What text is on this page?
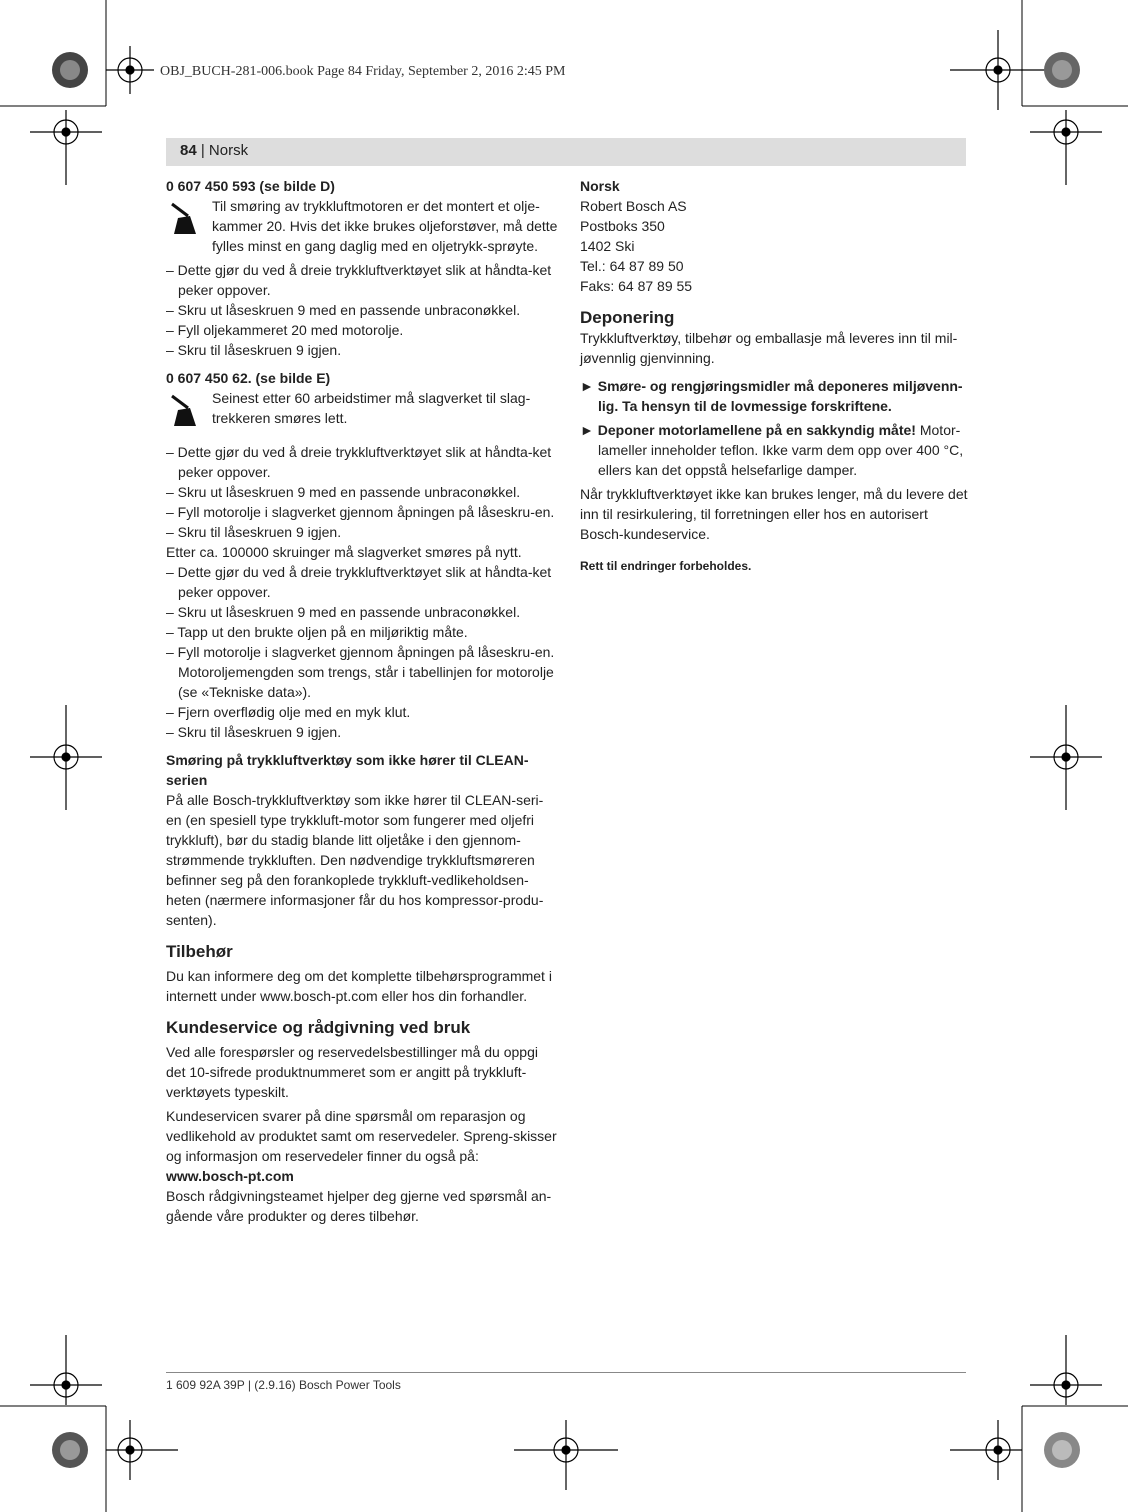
OBJ_BUCH-281-006.book Page 84 Friday, September 2, 2016 2:45 PM
84 | Norsk

0 607 450 593 (se bilde D)

Til smøring av trykkluftmotoren er det montert et olje-kammer 20. Hvis det ikke brukes oljeforstøver, må dette fylles minst en gang daglig med en oljetrykk-sprøyte.

– Dette gjør du ved å dreie trykkluftverktøyet slik at håndta-ket peker oppover.

– Skru ut låseskruen 9 med en passende unbraconøkkel.

– Fyll oljekammeret 20 med motorolje.

– Skru til låseskruen 9 igjen.

0 607 450 62. (se bilde E)

Seinest etter 60 arbeidstimer må slagverket til slag-trekkeren smøres lett.

– Dette gjør du ved å dreie trykkluftverktøyet slik at håndta-ket peker oppover.

– Skru ut låseskruen 9 med en passende unbraconøkkel.

– Fyll motorolje i slagverket gjennom åpningen på låseskru-en.

– Skru til låseskruen 9 igjen.

Etter ca. 100000 skruinger må slagverket smøres på nytt.

– Dette gjør du ved å dreie trykkluftverktøyet slik at håndta-ket peker oppover.

– Skru ut låseskruen 9 med en passende unbraconøkkel.

– Tapp ut den brukte oljen på en miljøriktig måte.

– Fyll motorolje i slagverket gjennom åpningen på låseskru-en. Motoroljemengden som trengs, står i tabellinjen for motorolje (se «Tekniske data»).

– Fjern overflødig olje med en myk klut.

– Skru til låseskruen 9 igjen.

Smøring på trykkluftverktøy som ikke hører til CLEAN-serien

På alle Bosch-trykkluftverktøy som ikke hører til CLEAN-seri-en (en spesiell type trykkluft-motor som fungerer med oljefri trykkluft), bør du stadig blande litt oljetåke i den gjennom-strømmende trykkluften. Den nødvendige trykkluftsmøreren befinner seg på den forankoplede trykkluft-vedlikeholdsen-heten (nærmere informasjoner får du hos kompressor-produ-senten).

Tilbehør

Du kan informere deg om det komplette tilbehørsprogrammet i internett under www.bosch-pt.com eller hos din forhandler.

Kundeservice og rådgivning ved bruk

Ved alle forespørsler og reservedelsbestillinger må du oppgi det 10-sifrede produktnummeret som er angitt på trykkluft-verktøyets typeskilt.

Kundeservicen svarer på dine spørsmål om reparasjon og vedlikehold av produktet samt om reservedeler. Spreng-skisser og informasjon om reservedeler finner du også på:

www.bosch-pt.com

Bosch rådgivningsteamet hjelper deg gjerne ved spørsmål an-gående våre produkter og deres tilbehør.

Norsk

Robert Bosch AS

Postboks 350

1402 Ski

Tel.: 64 87 89 50

Faks: 64 87 89 55

Deponering

Trykkluftverktøy, tilbehør og emballasje må leveres inn til mil-jøvennlig gjenvinning.

► Smøre- og rengjøringsmidler må deponeres miljøvenn-lig. Ta hensyn til de lovmessige forskriftene.

► Deponer motorlamellene på en sakkyndig måte! Motor-lameller inneholder teflon. Ikke varm dem opp over 400 °C, ellers kan det oppstå helsefarlige damper.

Når trykkluftverktøyet ikke kan brukes lenger, må du levere det inn til resirkulering, til forretningen eller hos en autorisert Bosch-kundeservice.

Rett til endringer forbeholdes.

1 609 92A 39P | (2.9.16) Bosch Power Tools
